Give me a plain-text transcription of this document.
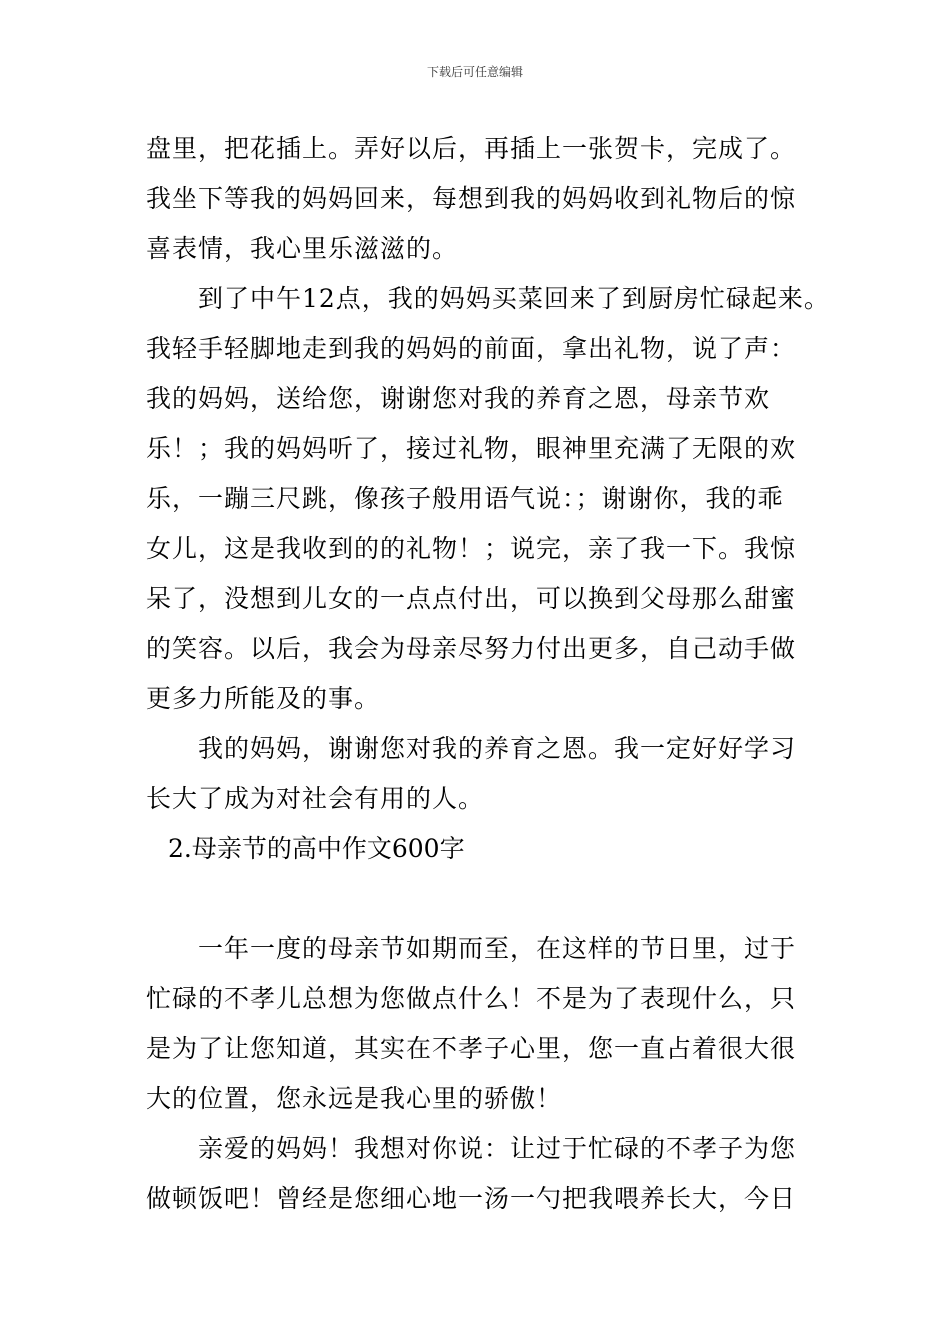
下载后可任意编辑
盘里，把花插上。弄好以后，再插上一张贺卡，完成了。
我坐下等我的妈妈回来，每想到我的妈妈收到礼物后的惊
喜表情，我心里乐滋滋的。
到了中午12点，我的妈妈买菜回来了到厨房忙碌起来。
我轻手轻脚地走到我的妈妈的前面，拿出礼物，说了声：
我的妈妈，送给您，谢谢您对我的养育之恩，母亲节欢
乐！；我的妈妈听了，接过礼物，眼神里充满了无限的欢
乐，一蹦三尺跳，像孩子般用语气说：；谢谢你，我的乖
女儿，这是我收到的的礼物！；说完，亲了我一下。我惊
呆了，没想到儿女的一点点付出，可以换到父母那么甜蜜
的笑容。以后，我会为母亲尽努力付出更多，自己动手做
更多力所能及的事。
我的妈妈，谢谢您对我的养育之恩。我一定好好学习
长大了成为对社会有用的人。
2.母亲节的高中作文600字
一年一度的母亲节如期而至，在这样的节日里，过于
忙碌的不孝儿总想为您做点什么！不是为了表现什么，只
是为了让您知道，其实在不孝子心里，您一直占着很大很
大的位置，您永远是我心里的骄傲！
亲爱的妈妈！我想对你说：让过于忙碌的不孝子为您
做顿饭吧！曾经是您细心地一汤一勺把我喂养长大，今日
